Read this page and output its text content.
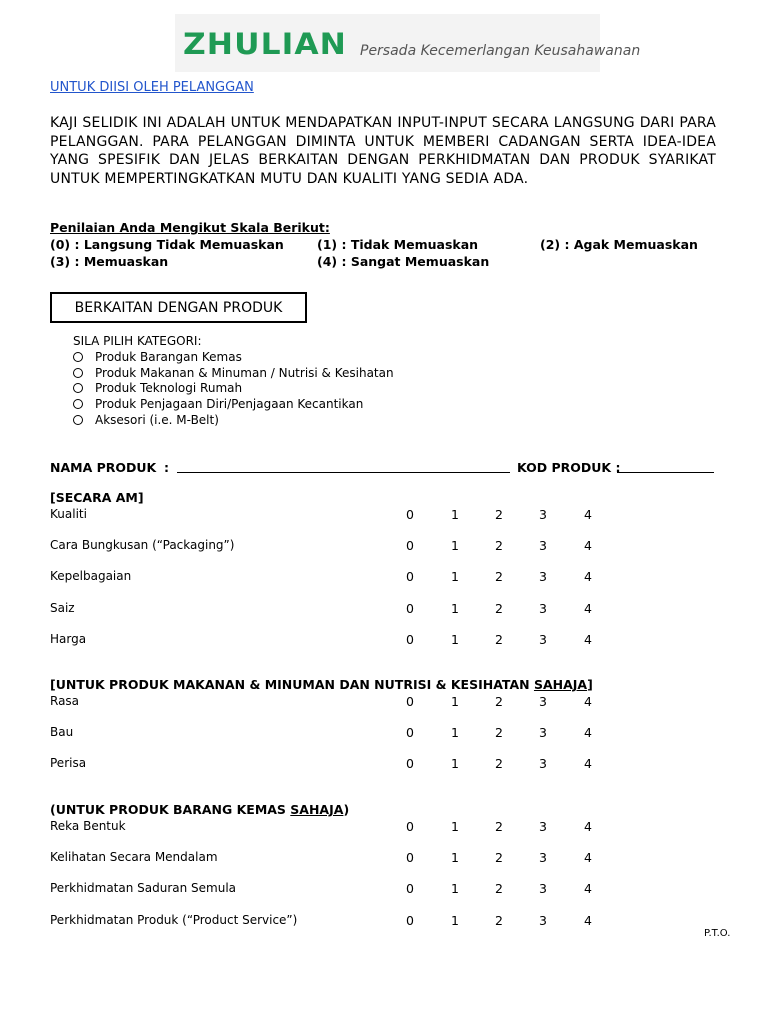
ZHULIAN Persada Kecemerlangan Keusahawanan
UNTUK DIISI OLEH PELANGGAN
KAJI SELIDIK INI ADALAH UNTUK MENDAPATKAN INPUT-INPUT SECARA LANGSUNG DARI PARA PELANGGAN. PARA PELANGGAN DIMINTA UNTUK MEMBERI CADANGAN SERTA IDEA-IDEA YANG SPESIFIK DAN JELAS BERKAITAN DENGAN PERKHIDMATAN DAN PRODUK SYARIKAT UNTUK MEMPERTINGKATKAN MUTU DAN KUALITI YANG SEDIA ADA.
Penilaian Anda Mengikut Skala Berikut:
(0) : Langsung Tidak Memuaskan	(1) : Tidak Memuaskan	(2) : Agak Memuaskan
(3) : Memuaskan	(4) : Sangat Memuaskan
BERKAITAN DENGAN PRODUK
SILA PILIH KATEGORI:
Produk Barangan Kemas
Produk Makanan & Minuman / Nutrisi & Kesihatan
Produk Teknologi Rumah
Produk Penjagaan Diri/Penjagaan Kecantikan
Aksesori (i.e. M-Belt)
NAMA PRODUK :	KOD PRODUK :
[SECARA AM]
Kualiti	0	1	2	3	4
Cara Bungkusan (“Packaging”)	0	1	2	3	4
Kepelbagaian	0	1	2	3	4
Saiz	0	1	2	3	4
Harga	0	1	2	3	4
[UNTUK PRODUK MAKANAN & MINUMAN DAN NUTRISI & KESIHATAN SAHAJA]
Rasa	0	1	2	3	4
Bau	0	1	2	3	4
Perisa	0	1	2	3	4
(UNTUK PRODUK BARANG KEMAS SAHAJA)
Reka Bentuk	0	1	2	3	4
Kelihatan Secara Mendalam	0	1	2	3	4
Perkhidmatan Saduran Semula	0	1	2	3	4
Perkhidmatan Produk (“Product Service”)	0	1	2	3	4
P.T.O.
